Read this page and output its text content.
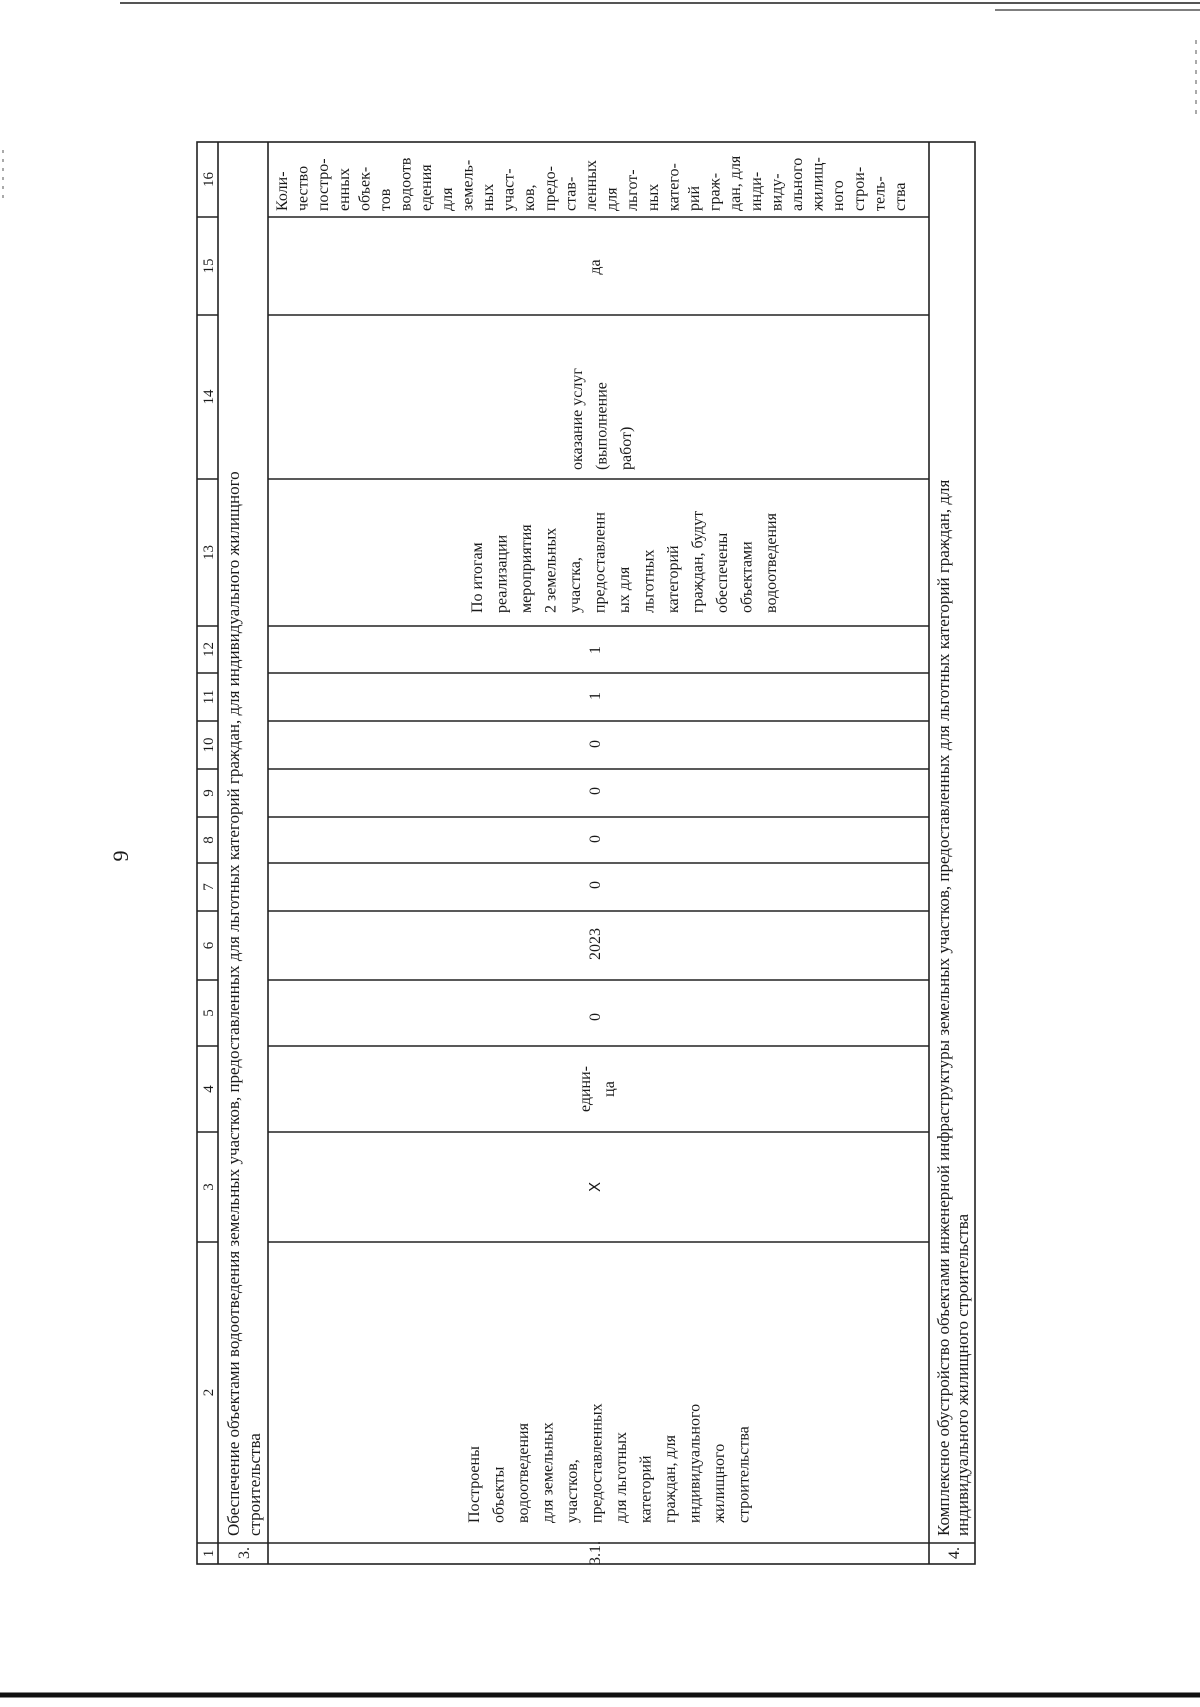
9
1
2
3
4
5
6
7
8
9
10
11
12
13
14
15
16
3.
Обеспечение объектами водоотведения земельных участков, предоставленных для льготных категорий граждан, для индивидуального жилищного строительства
3.1.
Построены объекты водоотведения для земельных участков, предоставленных для льготных категорий граждан, для индивидуального жилищного строительства
X
едини- ца
0
2023
0
0
0
0
1
1
По итогам реализации мероприятия 2 земельных участка, предоставленн ых для льготных категорий граждан, будут обеспечены объектами водоотведения
оказание услуг (выполнение работ)
да
Коли- чество постро- енных объек- тов водоотв едения для земель- ных участ- ков, предо- став- ленных для льгот- ных катего- рий граж- дан, для инди- виду- ального жилищ- ного строи- тель- ства
4.
Комплексное обустройство объектами инженерной инфраструктуры земельных участков, предоставленных для льготных категорий граждан, для индивидуального жилищного строительства
